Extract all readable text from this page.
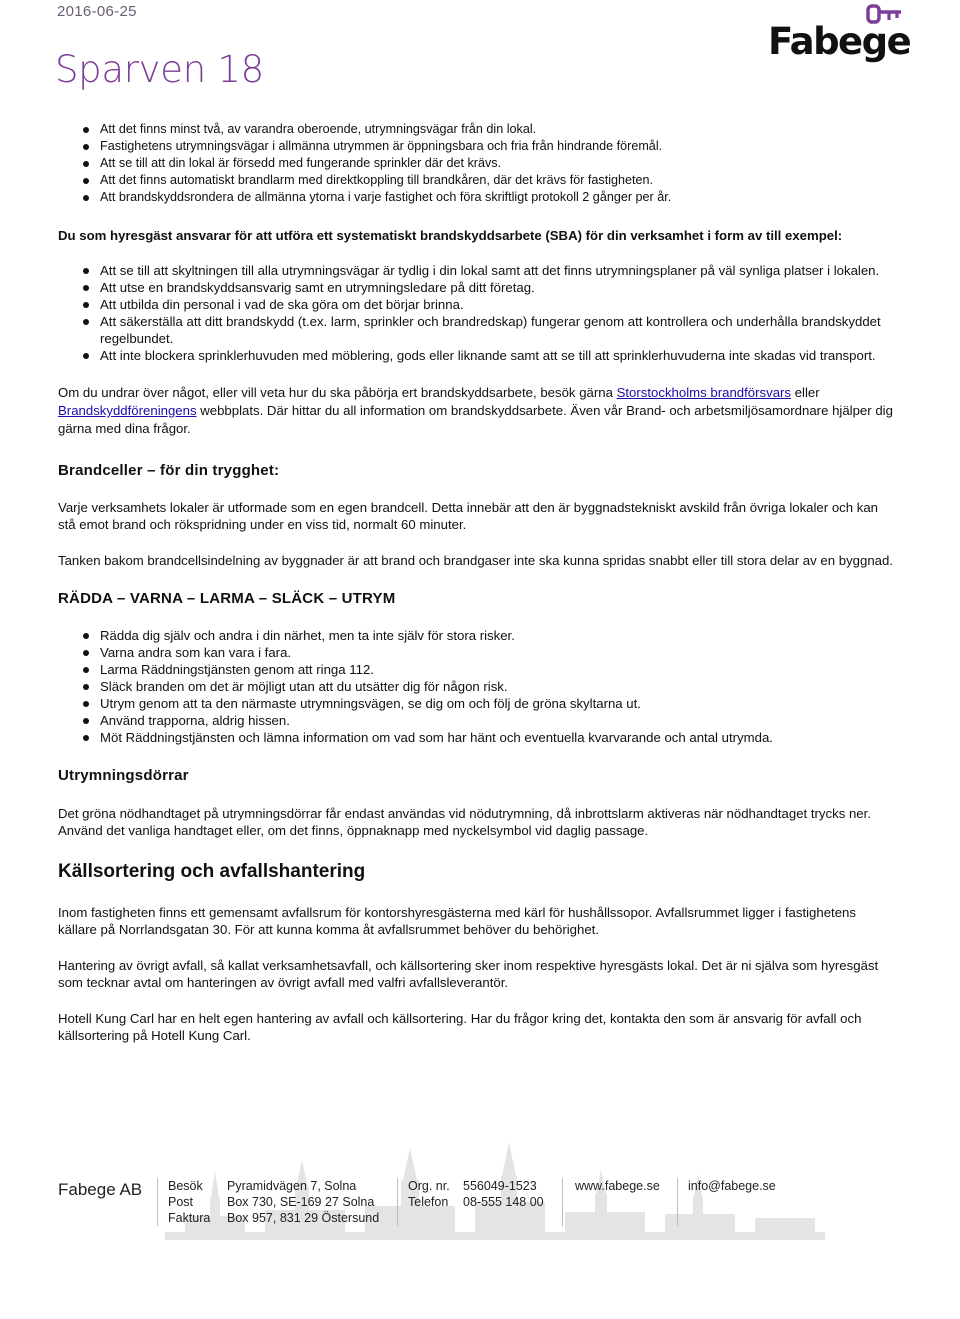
2016-06-25
Sparven 18
Fabege
Att det finns minst två, av varandra oberoende, utrymningsvägar från din lokal.
Fastighetens utrymningsvägar i allmänna utrymmen är öppningsbara och fria från hindrande föremål.
Att se till att din lokal är försedd med fungerande sprinkler där det krävs.
Att det finns automatiskt brandlarm med direktkoppling till brandkåren, där det krävs för fastigheten.
Att brandskyddsrondera de allmänna ytorna i varje fastighet och föra skriftligt protokoll 2 gånger per år.

Du som hyresgäst ansvarar för att utföra ett systematiskt brandskyddsarbete (SBA) för din verksamhet i form av till exempel:

Att se till att skyltningen till alla utrymningsvägar är tydlig i din lokal samt att det finns utrymningsplaner på väl synliga platser i lokalen.
Att utse en brandskyddsansvarig samt en utrymningsledare på ditt företag.
Att utbilda din personal i vad de ska göra om det börjar brinna.
Att säkerställa att ditt brandskydd (t.ex. larm, sprinkler och brandredskap) fungerar genom att kontrollera och underhålla brandskyddet regelbundet.
Att inte blockera sprinklerhuvuden med möblering, gods eller liknande samt att se till att sprinklerhuvuderna inte skadas vid transport.

Om du undrar över något, eller vill veta hur du ska påbörja ert brandskyddsarbete, besök gärna Storstockholms brandförsvars eller Brandskyddföreningens webbplats. Där hittar du all information om brandskyddsarbete. Även vår Brand- och arbetsmiljösamordnare hjälper dig gärna med dina frågor.

Brandceller – för din trygghet:

Varje verksamhets lokaler är utformade som en egen brandcell. Detta innebär att den är byggnadstekniskt avskild från övriga lokaler och kan stå emot brand och rökspridning under en viss tid, normalt 60 minuter.

Tanken bakom brandcellsindelning av byggnader är att brand och brandgaser inte ska kunna spridas snabbt eller till stora delar av en byggnad.

RÄDDA – VARNA – LARMA – SLÄCK – UTRYM

Rädda dig själv och andra i din närhet, men ta inte själv för stora risker.
Varna andra som kan vara i fara.
Larma Räddningstjänsten genom att ringa 112.
Släck branden om det är möjligt utan att du utsätter dig för någon risk.
Utrym genom att ta den närmaste utrymningsvägen, se dig om och följ de gröna skyltarna ut.
Använd trapporna, aldrig hissen.
Möt Räddningstjänsten och lämna information om vad som har hänt och eventuella kvarvarande och antal utrymda.

Utrymningsdörrar

Det gröna nödhandtaget på utrymningsdörrar får endast användas vid nödutrymning, då inbrottslarm aktiveras när nödhandtaget trycks ner. Använd det vanliga handtaget eller, om det finns, öppnaknapp med nyckelsymbol vid daglig passage.

Källsortering och avfallshantering

Inom fastigheten finns ett gemensamt avfallsrum för kontorshyresgästerna med kärl för hushållssopor. Avfallsrummet ligger i fastighetens källare på Norrlandsgatan 30. För att kunna komma åt avfallsrummet behöver du behörighet.

Hantering av övrigt avfall, så kallat verksamhetsavfall, och källsortering sker inom respektive hyresgästs lokal. Det är ni själva som hyresgäst som tecknar avtal om hanteringen av övrigt avfall med valfri avfallsleverantör.

Hotell Kung Carl har en helt egen hantering av avfall och källsortering. Har du frågor kring det, kontakta den som är ansvarig för avfall och källsortering på Hotell Kung Carl.

Fabege AB Besök
Post
Faktura
Pyramidvägen 7, Solna
Box 730, SE-169 27 Solna
Box 957, 831 29 Östersund
Org. nr.
Telefon
556049-1523
08-555 148 00
www.fabege.se info@fabege.se
